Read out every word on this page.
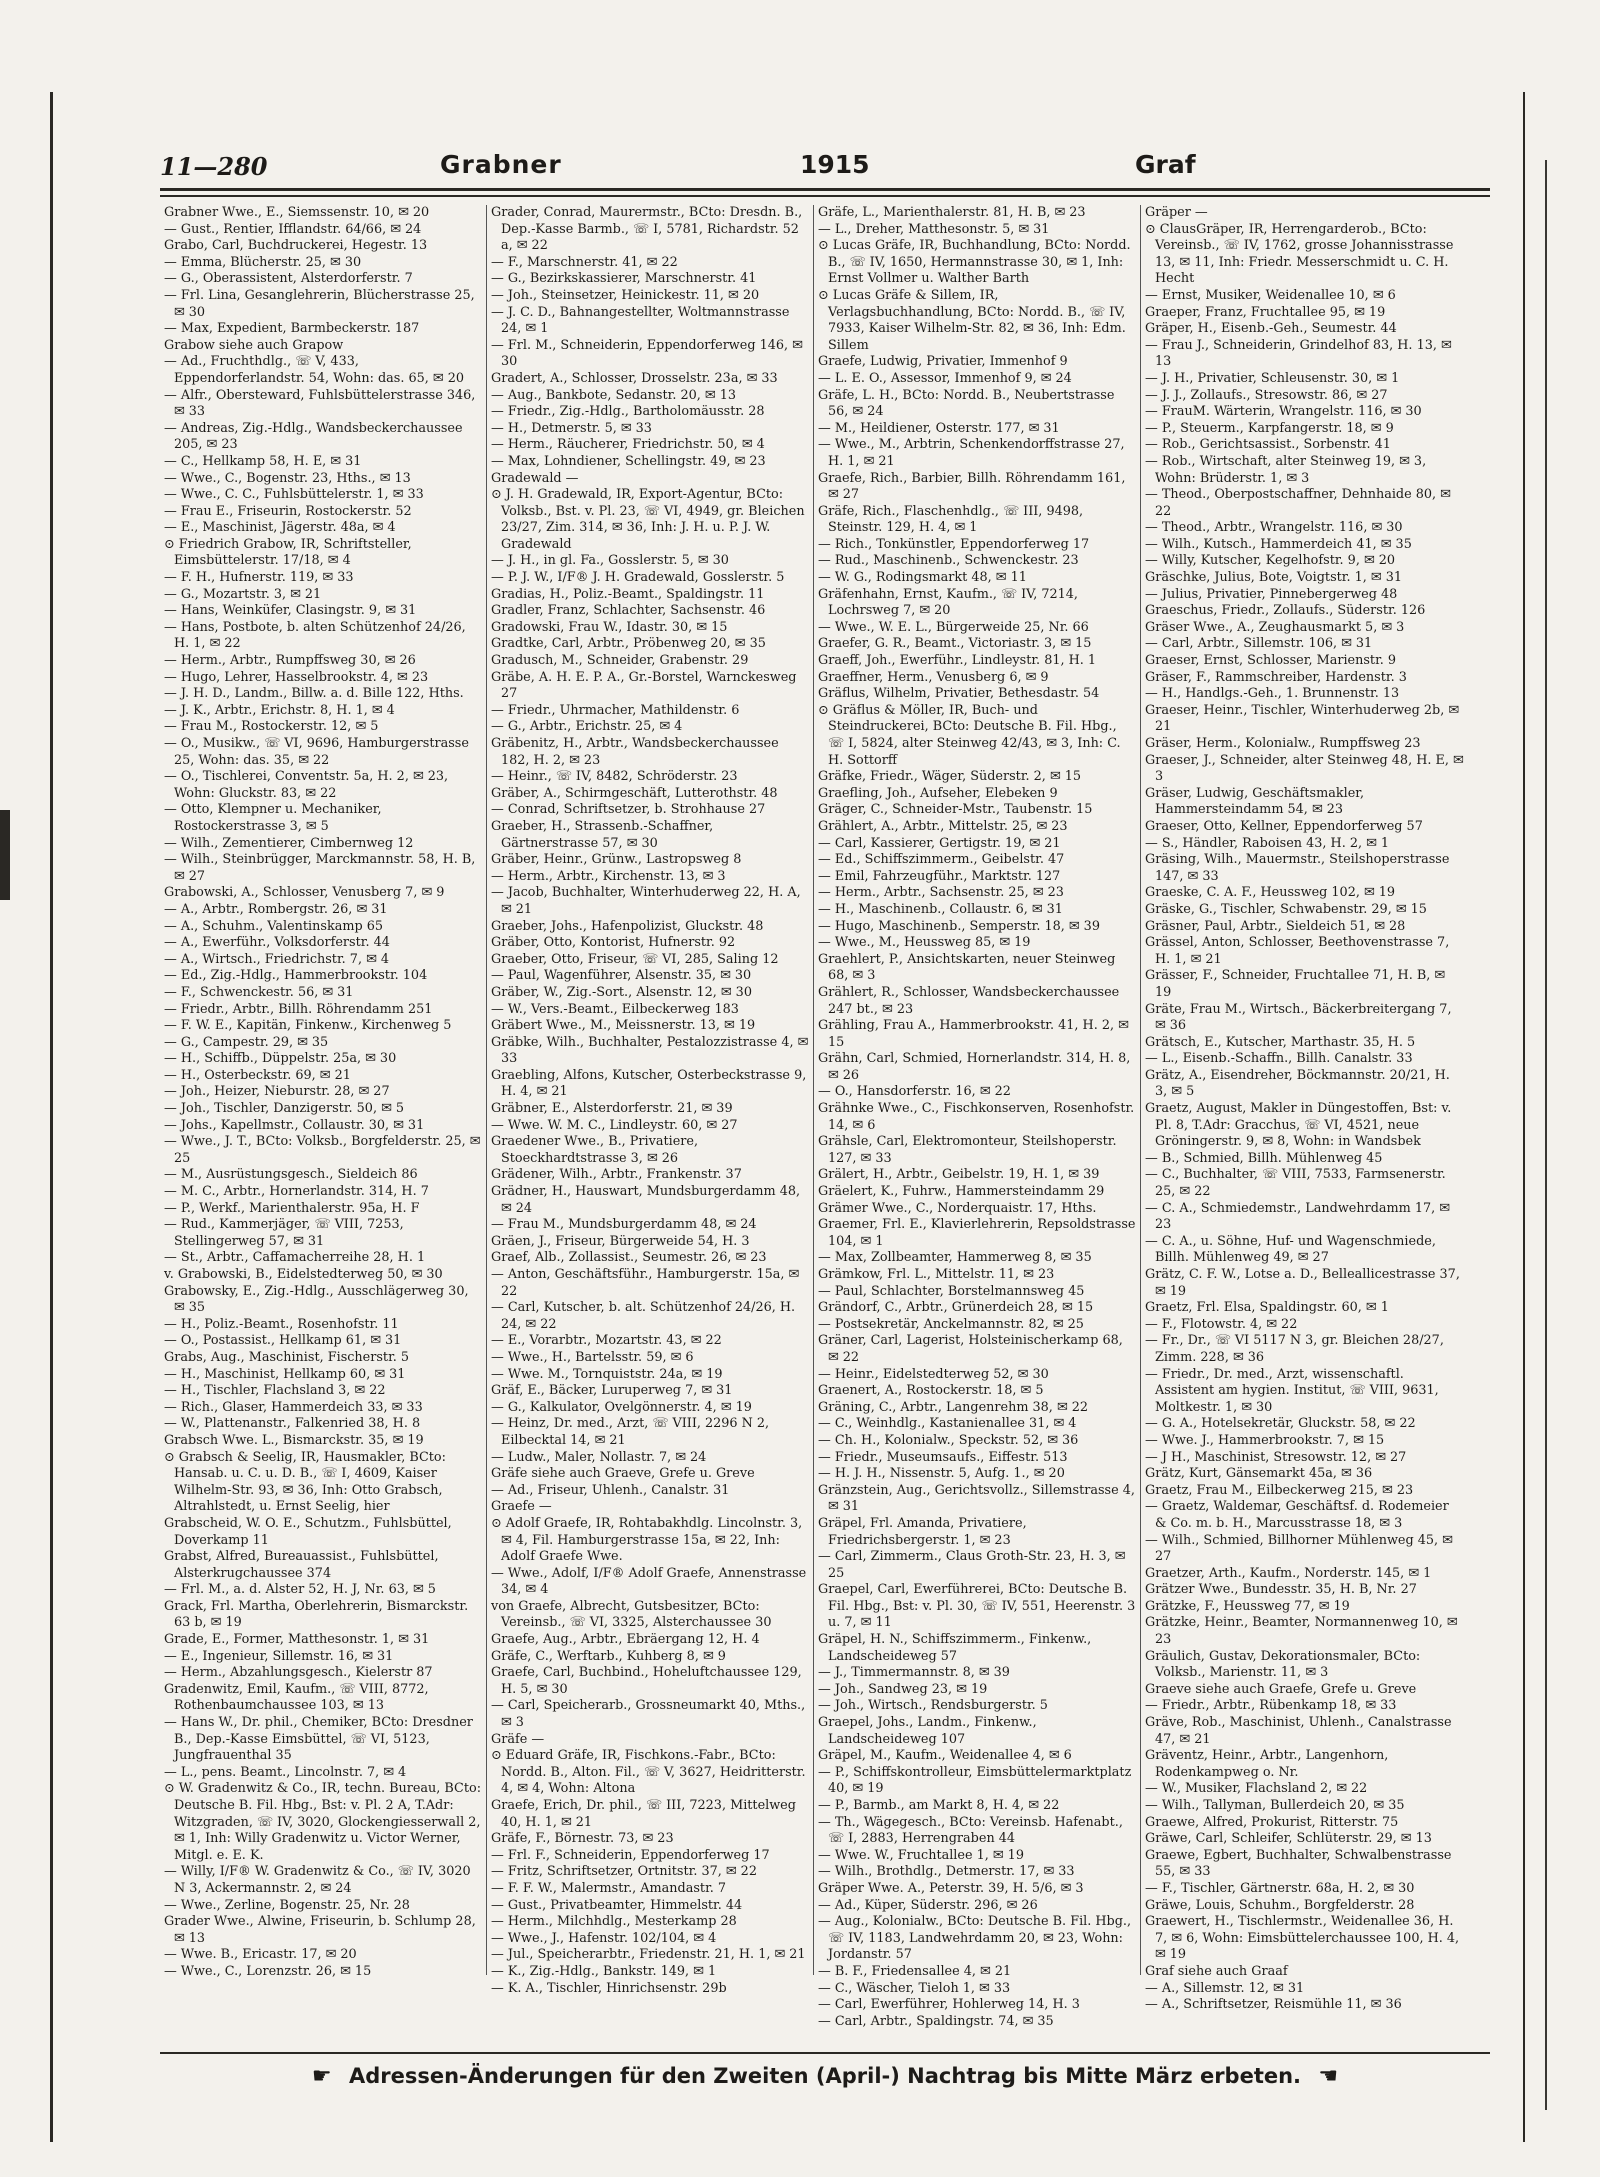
11—280	Grabner	1915	Graf

Grabner Wwe., E., Siemssenstr. 10, ✉ 20

— Gust., Rentier, Ifflandstr. 64/66, ✉ 24

Grabo, Carl, Buchdruckerei, Hegestr. 13

— Emma, Blücherstr. 25, ✉ 30

— G., Oberassistent, Alsterdorferstr. 7

— Frl. Lina, Gesanglehrerin, Blücherstrasse 25, ✉ 30

— Max, Expedient, Barmbeckerstr. 187

Grabow siehe auch Grapow

— Ad., Fruchthdlg., ☏ V, 433, Eppendorferlandstr. 54, Wohn: das. 65, ✉ 20

— Alfr., Obersteward, Fuhlsbüttelerstrasse 346, ✉ 33

— Andreas, Zig.-Hdlg., Wandsbeckerchaussee 205, ✉ 23

— C., Hellkamp 58, H. E, ✉ 31

— Wwe., C., Bogenstr. 23, Hths., ✉ 13

— Wwe., C. C., Fuhlsbüttelerstr. 1, ✉ 33

— Frau E., Friseurin, Rostockerstr. 52

— E., Maschinist, Jägerstr. 48a, ✉ 4

⊙ Friedrich Grabow, IR, Schriftsteller, Eimsbüttelerstr. 17/18, ✉ 4

— F. H., Hufnerstr. 119, ✉ 33

— G., Mozartstr. 3, ✉ 21

— Hans, Weinküfer, Clasingstr. 9, ✉ 31

— Hans, Postbote, b. alten Schützenhof 24/26, H. 1, ✉ 22

— Herm., Arbtr., Rumpffsweg 30, ✉ 26

— Hugo, Lehrer, Hasselbrookstr. 4, ✉ 23

— J. H. D., Landm., Billw. a. d. Bille 122, Hths.

— J. K., Arbtr., Erichstr. 8, H. 1, ✉ 4

— Frau M., Rostockerstr. 12, ✉ 5

— O., Musikw., ☏ VI, 9696, Hamburgerstrasse 25, Wohn: das. 35, ✉ 22

— O., Tischlerei, Conventstr. 5a, H. 2, ✉ 23, Wohn: Gluckstr. 83, ✉ 22

— Otto, Klempner u. Mechaniker, Rostockerstrasse 3, ✉ 5

— Wilh., Zementierer, Cimbernweg 12

— Wilh., Steinbrügger, Marckmannstr. 58, H. B, ✉ 27

Grabowski, A., Schlosser, Venusberg 7, ✉ 9

— A., Arbtr., Rombergstr. 26, ✉ 31

— A., Schuhm., Valentinskamp 65

— A., Ewerführ., Volksdorferstr. 44

— A., Wirtsch., Friedrichstr. 7, ✉ 4

— Ed., Zig.-Hdlg., Hammerbrookstr. 104

— F., Schwenckestr. 56, ✉ 31

— Friedr., Arbtr., Billh. Röhrendamm 251

— F. W. E., Kapitän, Finkenw., Kirchenweg 5

— G., Campestr. 29, ✉ 35

— H., Schiffb., Düppelstr. 25a, ✉ 30

— H., Osterbeckstr. 69, ✉ 21

— Joh., Heizer, Nieburstr. 28, ✉ 27

— Joh., Tischler, Danzigerstr. 50, ✉ 5

— Johs., Kapellmstr., Collaustr. 30, ✉ 31

— Wwe., J. T., BCto: Volksb., Borgfelderstr. 25, ✉ 25

— M., Ausrüstungsgesch., Sieldeich 86

— M. C., Arbtr., Hornerlandstr. 314, H. 7

— P., Werkf., Marienthalerstr. 95a, H. F

— Rud., Kammerjäger, ☏ VIII, 7253, Stellingerweg 57, ✉ 31

— St., Arbtr., Caffamacherreihe 28, H. 1

v. Grabowski, B., Eidelstedterweg 50, ✉ 30

Grabowsky, E., Zig.-Hdlg., Ausschlägerweg 30, ✉ 35

— H., Poliz.-Beamt., Rosenhofstr. 11

— O., Postassist., Hellkamp 61, ✉ 31

Grabs, Aug., Maschinist, Fischerstr. 5

— H., Maschinist, Hellkamp 60, ✉ 31

— H., Tischler, Flachsland 3, ✉ 22

— Rich., Glaser, Hammerdeich 33, ✉ 33

— W., Plattenanstr., Falkenried 38, H. 8

Grabsch Wwe. L., Bismarckstr. 35, ✉ 19

⊙ Grabsch & Seelig, IR, Hausmakler, BCto: Hansab. u. C. u. D. B., ☏ I, 4609, Kaiser Wilhelm-Str. 93, ✉ 36, Inh: Otto Grabsch, Altrahlstedt, u. Ernst Seelig, hier

Grabscheid, W. O. E., Schutzm., Fuhlsbüttel, Doverkamp 11

Grabst, Alfred, Bureauassist., Fuhlsbüttel, Alsterkrugchaussee 374

— Frl. M., a. d. Alster 52, H. J, Nr. 63, ✉ 5

Grack, Frl. Martha, Oberlehrerin, Bismarckstr. 63 b, ✉ 19

Grade, E., Former, Matthesonstr. 1, ✉ 31

— E., Ingenieur, Sillemstr. 16, ✉ 31

— Herm., Abzahlungsgesch., Kielerstr 87

Gradenwitz, Emil, Kaufm., ☏ VIII, 8772, Rothenbaumchaussee 103, ✉ 13

— Hans W., Dr. phil., Chemiker, BCto: Dresdner B., Dep.-Kasse Eimsbüttel, ☏ VI, 5123, Jungfrauenthal 35

— L., pens. Beamt., Lincolnstr. 7, ✉ 4

⊙ W. Gradenwitz & Co., IR, techn. Bureau, BCto: Deutsche B. Fil. Hbg., Bst: v. Pl. 2 A, T.Adr: Witzgraden, ☏ IV, 3020, Glockengiesserwall 2, ✉ 1, Inh: Willy Gradenwitz u. Victor Werner, Mitgl. e. E. K.

— Willy, I/F® W. Gradenwitz & Co., ☏ IV, 3020 N 3, Ackermannstr. 2, ✉ 24

— Wwe., Zerline, Bogenstr. 25, Nr. 28

Grader Wwe., Alwine, Friseurin, b. Schlump 28, ✉ 13

— Wwe. B., Ericastr. 17, ✉ 20

— Wwe., C., Lorenzstr. 26, ✉ 15

Grader, Conrad, Maurermstr., BCto: Dresdn. B., Dep.-Kasse Barmb., ☏ I, 5781, Richardstr. 52 a, ✉ 22

— F., Marschnerstr. 41, ✉ 22

— G., Bezirkskassierer, Marschnerstr. 41

— Joh., Steinsetzer, Heinickestr. 11, ✉ 20

— J. C. D., Bahnangestellter, Woltmannstrasse 24, ✉ 1

— Frl. M., Schneiderin, Eppendorferweg 146, ✉ 30

Gradert, A., Schlosser, Drosselstr. 23a, ✉ 33

— Aug., Bankbote, Sedanstr. 20, ✉ 13

— Friedr., Zig.-Hdlg., Bartholomäusstr. 28

— H., Detmerstr. 5, ✉ 33

— Herm., Räucherer, Friedrichstr. 50, ✉ 4

— Max, Lohndiener, Schellingstr. 49, ✉ 23

Gradewald —

⊙ J. H. Gradewald, IR, Export-Agentur, BCto: Volksb., Bst. v. Pl. 23, ☏ VI, 4949, gr. Bleichen 23/27, Zim. 314, ✉ 36, Inh: J. H. u. P. J. W. Gradewald

— J. H., in gl. Fa., Gosslerstr. 5, ✉ 30

— P. J. W., I/F® J. H. Gradewald, Gosslerstr. 5

Gradias, H., Poliz.-Beamt., Spaldingstr. 11

Gradler, Franz, Schlachter, Sachsenstr. 46

Gradowski, Frau W., Idastr. 30, ✉ 15

Gradtke, Carl, Arbtr., Pröbenweg 20, ✉ 35

Gradusch, M., Schneider, Grabenstr. 29

Gräbe, A. H. E. P. A., Gr.-Borstel, Warnckesweg 27

— Friedr., Uhrmacher, Mathildenstr. 6

— G., Arbtr., Erichstr. 25, ✉ 4

Gräbenitz, H., Arbtr., Wandsbeckerchaussee 182, H. 2, ✉ 23

— Heinr., ☏ IV, 8482, Schröderstr. 23

Gräber, A., Schirmgeschäft, Lutterothstr. 48

— Conrad, Schriftsetzer, b. Strohhause 27

Graeber, H., Strassenb.-Schaffner, Gärtnerstrasse 57, ✉ 30

Gräber, Heinr., Grünw., Lastropsweg 8

— Herm., Arbtr., Kirchenstr. 13, ✉ 3

— Jacob, Buchhalter, Winterhuderweg 22, H. A, ✉ 21

Graeber, Johs., Hafenpolizist, Gluckstr. 48

Gräber, Otto, Kontorist, Hufnerstr. 92

Graeber, Otto, Friseur, ☏ VI, 285, Saling 12

— Paul, Wagenführer, Alsenstr. 35, ✉ 30

Gräber, W., Zig.-Sort., Alsenstr. 12, ✉ 30

— W., Vers.-Beamt., Eilbeckerweg 183

Gräbert Wwe., M., Meissnerstr. 13, ✉ 19

Gräbke, Wilh., Buchhalter, Pestalozzistrasse 4, ✉ 33

Graebling, Alfons, Kutscher, Osterbeckstrasse 9, H. 4, ✉ 21

Gräbner, E., Alsterdorferstr. 21, ✉ 39

— Wwe. W. M. C., Lindleystr. 60, ✉ 27

Graedener Wwe., B., Privatiere, Stoeckhardtstrasse 3, ✉ 26

Grädener, Wilh., Arbtr., Frankenstr. 37

Grädner, H., Hauswart, Mundsburgerdamm 48, ✉ 24

— Frau M., Mundsburgerdamm 48, ✉ 24

Gräen, J., Friseur, Bürgerweide 54, H. 3

Graef, Alb., Zollassist., Seumestr. 26, ✉ 23

— Anton, Geschäftsführ., Hamburgerstr. 15a, ✉ 22

— Carl, Kutscher, b. alt. Schützenhof 24/26, H. 24, ✉ 22

— E., Vorarbtr., Mozartstr. 43, ✉ 22

— Wwe., H., Bartelsstr. 59, ✉ 6

— Wwe. M., Tornquiststr. 24a, ✉ 19

Gräf, E., Bäcker, Luruperweg 7, ✉ 31

— G., Kalkulator, Ovelgönnerstr. 4, ✉ 19

— Heinz, Dr. med., Arzt, ☏ VIII, 2296 N 2, Eilbecktal 14, ✉ 21

— Ludw., Maler, Nollastr. 7, ✉ 24

Gräfe siehe auch Graeve, Grefe u. Greve

— Ad., Friseur, Uhlenh., Canalstr. 31

Graefe —

⊙ Adolf Graefe, IR, Rohtabakhdlg. Lincolnstr. 3, ✉ 4, Fil. Hamburgerstrasse 15a, ✉ 22, Inh: Adolf Graefe Wwe.

— Wwe., Adolf, I/F® Adolf Graefe, Annenstrasse 34, ✉ 4

von Graefe, Albrecht, Gutsbesitzer, BCto: Vereinsb., ☏ VI, 3325, Alsterchaussee 30

Graefe, Aug., Arbtr., Ebräergang 12, H. 4

Gräfe, C., Werftarb., Kuhberg 8, ✉ 9

Graefe, Carl, Buchbind., Hoheluftchaussee 129, H. 5, ✉ 30

— Carl, Speicherarb., Grossneumarkt 40, Mths., ✉ 3

Gräfe —

⊙ Eduard Gräfe, IR, Fischkons.-Fabr., BCto: Nordd. B., Alton. Fil., ☏ V, 3627, Heidritterstr. 4, ✉ 4, Wohn: Altona

Graefe, Erich, Dr. phil., ☏ III, 7223, Mittelweg 40, H. 1, ✉ 21

Gräfe, F., Börnestr. 73, ✉ 23

— Frl. F., Schneiderin, Eppendorferweg 17

— Fritz, Schriftsetzer, Ortnitstr. 37, ✉ 22

— F. F. W., Malermstr., Amandastr. 7

— Gust., Privatbeamter, Himmelstr. 44

— Herm., Milchhdlg., Mesterkamp 28

— Wwe., J., Hafenstr. 102/104, ✉ 4

— Jul., Speicherarbtr., Friedenstr. 21, H. 1, ✉ 21

— K., Zig.-Hdlg., Bankstr. 149, ✉ 1

— K. A., Tischler, Hinrichsenstr. 29b

Gräfe, L., Marienthalerstr. 81, H. B, ✉ 23

— L., Dreher, Matthesonstr. 5, ✉ 31

⊙ Lucas Gräfe, IR, Buchhandlung, BCto: Nordd. B., ☏ IV, 1650, Hermannstrasse 30, ✉ 1, Inh: Ernst Vollmer u. Walther Barth

⊙ Lucas Gräfe & Sillem, IR, Verlagsbuchhandlung, BCto: Nordd. B., ☏ IV, 7933, Kaiser Wilhelm-Str. 82, ✉ 36, Inh: Edm. Sillem

Graefe, Ludwig, Privatier, Immenhof 9

— L. E. O., Assessor, Immenhof 9, ✉ 24

Gräfe, L. H., BCto: Nordd. B., Neubertstrasse 56, ✉ 24

— M., Heildiener, Osterstr. 177, ✉ 31

— Wwe., M., Arbtrin, Schenkendorffstrasse 27, H. 1, ✉ 21

Graefe, Rich., Barbier, Billh. Röhrendamm 161, ✉ 27

Gräfe, Rich., Flaschenhdlg., ☏ III, 9498, Steinstr. 129, H. 4, ✉ 1

— Rich., Tonkünstler, Eppendorferweg 17

— Rud., Maschinenb., Schwenckestr. 23

— W. G., Rodingsmarkt 48, ✉ 11

Gräfenhahn, Ernst, Kaufm., ☏ IV, 7214, Lochrsweg 7, ✉ 20

— Wwe., W. E. L., Bürgerweide 25, Nr. 66

Graefer, G. R., Beamt., Victoriastr. 3, ✉ 15

Graeff, Joh., Ewerführ., Lindleystr. 81, H. 1

Graeffner, Herm., Venusberg 6, ✉ 9

Gräflus, Wilhelm, Privatier, Bethesdastr. 54

⊙ Gräflus & Möller, IR, Buch- und Steindruckerei, BCto: Deutsche B. Fil. Hbg., ☏ I, 5824, alter Steinweg 42/43, ✉ 3, Inh: C. H. Sottorff

Gräfke, Friedr., Wäger, Süderstr. 2, ✉ 15

Graefling, Joh., Aufseher, Elebeken 9

Gräger, C., Schneider-Mstr., Taubenstr. 15

Grählert, A., Arbtr., Mittelstr. 25, ✉ 23

— Carl, Kassierer, Gertigstr. 19, ✉ 21

— Ed., Schiffszimmerm., Geibelstr. 47

— Emil, Fahrzeugführ., Marktstr. 127

— Herm., Arbtr., Sachsenstr. 25, ✉ 23

— H., Maschinenb., Collaustr. 6, ✉ 31

— Hugo, Maschinenb., Semperstr. 18, ✉ 39

— Wwe., M., Heussweg 85, ✉ 19

Graehlert, P., Ansichtskarten, neuer Steinweg 68, ✉ 3

Grählert, R., Schlosser, Wandsbeckerchaussee 247 bt., ✉ 23

Grähling, Frau A., Hammerbrookstr. 41, H. 2, ✉ 15

Grähn, Carl, Schmied, Hornerlandstr. 314, H. 8, ✉ 26

— O., Hansdorferstr. 16, ✉ 22

Grähnke Wwe., C., Fischkonserven, Rosenhofstr. 14, ✉ 6

Grähsle, Carl, Elektromonteur, Steilshoperstr. 127, ✉ 33

Grälert, H., Arbtr., Geibelstr. 19, H. 1, ✉ 39

Gräelert, K., Fuhrw., Hammersteindamm 29

Grämer Wwe., C., Norderquaistr. 17, Hths.

Graemer, Frl. E., Klavierlehrerin, Repsoldstrasse 104, ✉ 1

— Max, Zollbeamter, Hammerweg 8, ✉ 35

Grämkow, Frl. L., Mittelstr. 11, ✉ 23

— Paul, Schlachter, Borstelmannsweg 45

Grändorf, C., Arbtr., Grünerdeich 28, ✉ 15

— Postsekretär, Anckelmannstr. 82, ✉ 25

Gräner, Carl, Lagerist, Holsteinischerkamp 68, ✉ 22

— Heinr., Eidelstedterweg 52, ✉ 30

Graenert, A., Rostockerstr. 18, ✉ 5

Gräning, C., Arbtr., Langenrehm 38, ✉ 22

— C., Weinhdlg., Kastanienallee 31, ✉ 4

— Ch. H., Kolonialw., Speckstr. 52, ✉ 36

— Friedr., Museumsaufs., Eiffestr. 513

— H. J. H., Nissenstr. 5, Aufg. 1., ✉ 20

Gränzstein, Aug., Gerichtsvollz., Sillemstrasse 4, ✉ 31

Gräpel, Frl. Amanda, Privatiere, Friedrichsbergerstr. 1, ✉ 23

— Carl, Zimmerm., Claus Groth-Str. 23, H. 3, ✉ 25

Graepel, Carl, Ewerführerei, BCto: Deutsche B. Fil. Hbg., Bst: v. Pl. 30, ☏ IV, 551, Heerenstr. 3 u. 7, ✉ 11

Gräpel, H. N., Schiffszimmerm., Finkenw., Landscheideweg 57

— J., Timmermannstr. 8, ✉ 39

— Joh., Sandweg 23, ✉ 19

— Joh., Wirtsch., Rendsburgerstr. 5

Graepel, Johs., Landm., Finkenw., Landscheideweg 107

Gräpel, M., Kaufm., Weidenallee 4, ✉ 6

— P., Schiffskontrolleur, Eimsbüttelermarktplatz 40, ✉ 19

— P., Barmb., am Markt 8, H. 4, ✉ 22

— Th., Wägegesch., BCto: Vereinsb. Hafenabt., ☏ I, 2883, Herrengraben 44

— Wwe. W., Fruchtallee 1, ✉ 19

— Wilh., Brothdlg., Detmerstr. 17, ✉ 33

Gräper Wwe. A., Peterstr. 39, H. 5/6, ✉ 3

— Ad., Küper, Süderstr. 296, ✉ 26

— Aug., Kolonialw., BCto: Deutsche B. Fil. Hbg., ☏ IV, 1183, Landwehrdamm 20, ✉ 23, Wohn: Jordanstr. 57

— B. F., Friedensallee 4, ✉ 21

— C., Wäscher, Tieloh 1, ✉ 33

— Carl, Ewerführer, Hohlerweg 14, H. 3

— Carl, Arbtr., Spaldingstr. 74, ✉ 35

Gräper —

⊙ ClausGräper, IR, Herrengarderob., BCto: Vereinsb., ☏ IV, 1762, grosse Johannisstrasse 13, ✉ 11, Inh: Friedr. Messerschmidt u. C. H. Hecht

— Ernst, Musiker, Weidenallee 10, ✉ 6

Graeper, Franz, Fruchtallee 95, ✉ 19

Gräper, H., Eisenb.-Geh., Seumestr. 44

— Frau J., Schneiderin, Grindelhof 83, H. 13, ✉ 13

— J. H., Privatier, Schleusenstr. 30, ✉ 1

— J. J., Zollaufs., Stresowstr. 86, ✉ 27

— FrauM. Wärterin, Wrangelstr. 116, ✉ 30

— P., Steuerm., Karpfangerstr. 18, ✉ 9

— Rob., Gerichtsassist., Sorbenstr. 41

— Rob., Wirtschaft, alter Steinweg 19, ✉ 3, Wohn: Brüderstr. 1, ✉ 3

— Theod., Oberpostschaffner, Dehnhaide 80, ✉ 22

— Theod., Arbtr., Wrangelstr. 116, ✉ 30

— Wilh., Kutsch., Hammerdeich 41, ✉ 35

— Willy, Kutscher, Kegelhofstr. 9, ✉ 20

Gräschke, Julius, Bote, Voigtstr. 1, ✉ 31

— Julius, Privatier, Pinnebergerweg 48

Graeschus, Friedr., Zollaufs., Süderstr. 126

Gräser Wwe., A., Zeughausmarkt 5, ✉ 3

— Carl, Arbtr., Sillemstr. 106, ✉ 31

Graeser, Ernst, Schlosser, Marienstr. 9

Gräser, F., Rammschreiber, Hardenstr. 3

— H., Handlgs.-Geh., 1. Brunnenstr. 13

Graeser, Heinr., Tischler, Winterhuderweg 2b, ✉ 21

Gräser, Herm., Kolonialw., Rumpffsweg 23

Graeser, J., Schneider, alter Steinweg 48, H. E, ✉ 3

Gräser, Ludwig, Geschäftsmakler, Hammersteindamm 54, ✉ 23

Graeser, Otto, Kellner, Eppendorferweg 57

— S., Händler, Raboisen 43, H. 2, ✉ 1

Gräsing, Wilh., Mauermstr., Steilshoperstrasse 147, ✉ 33

Graeske, C. A. F., Heussweg 102, ✉ 19

Gräske, G., Tischler, Schwabenstr. 29, ✉ 15

Gräsner, Paul, Arbtr., Sieldeich 51, ✉ 28

Grässel, Anton, Schlosser, Beethovenstrasse 7, H. 1, ✉ 21

Grässer, F., Schneider, Fruchtallee 71, H. B, ✉ 19

Gräte, Frau M., Wirtsch., Bäckerbreitergang 7, ✉ 36

Grätsch, E., Kutscher, Marthastr. 35, H. 5

— L., Eisenb.-Schaffn., Billh. Canalstr. 33

Grätz, A., Eisendreher, Böckmannstr. 20/21, H. 3, ✉ 5

Graetz, August, Makler in Düngestoffen, Bst: v. Pl. 8, T.Adr: Gracchus, ☏ VI, 4521, neue Gröningerstr. 9, ✉ 8, Wohn: in Wandsbek

— B., Schmied, Billh. Mühlenweg 45

— C., Buchhalter, ☏ VIII, 7533, Farmsenerstr. 25, ✉ 22

— C. A., Schmiedemstr., Landwehrdamm 17, ✉ 23

— C. A., u. Söhne, Huf- und Wagenschmiede, Billh. Mühlenweg 49, ✉ 27

Grätz, C. F. W., Lotse a. D., Belleallicestrasse 37, ✉ 19

Graetz, Frl. Elsa, Spaldingstr. 60, ✉ 1

— F., Flotowstr. 4, ✉ 22

— Fr., Dr., ☏ VI 5117 N 3, gr. Bleichen 28/27, Zimm. 228, ✉ 36

— Friedr., Dr. med., Arzt, wissenschaftl. Assistent am hygien. Institut, ☏ VIII, 9631, Moltkestr. 1, ✉ 30

— G. A., Hotelsekretär, Gluckstr. 58, ✉ 22

— Wwe. J., Hammerbrookstr. 7, ✉ 15

— J H., Maschinist, Stresowstr. 12, ✉ 27

Grätz, Kurt, Gänsemarkt 45a, ✉ 36

Graetz, Frau M., Eilbeckerweg 215, ✉ 23

— Graetz, Waldemar, Geschäftsf. d. Rodemeier & Co. m. b. H., Marcusstrasse 18, ✉ 3

— Wilh., Schmied, Billhorner Mühlenweg 45, ✉ 27

Graetzer, Arth., Kaufm., Norderstr. 145, ✉ 1

Grätzer Wwe., Bundesstr. 35, H. B, Nr. 27

Grätzke, F., Heussweg 77, ✉ 19

Grätzke, Heinr., Beamter, Normannenweg 10, ✉ 23

Gräulich, Gustav, Dekorationsmaler, BCto: Volksb., Marienstr. 11, ✉ 3

Graeve siehe auch Graefe, Grefe u. Greve

— Friedr., Arbtr., Rübenkamp 18, ✉ 33

Gräve, Rob., Maschinist, Uhlenh., Canalstrasse 47, ✉ 21

Gräventz, Heinr., Arbtr., Langenhorn, Rodenkampweg o. Nr.

— W., Musiker, Flachsland 2, ✉ 22

— Wilh., Tallyman, Bullerdeich 20, ✉ 35

Graewe, Alfred, Prokurist, Ritterstr. 75

Gräwe, Carl, Schleifer, Schlüterstr. 29, ✉ 13

Graewe, Egbert, Buchhalter, Schwalbenstrasse 55, ✉ 33

— F., Tischler, Gärtnerstr. 68a, H. 2, ✉ 30

Gräwe, Louis, Schuhm., Borgfelderstr. 28

Graewert, H., Tischlermstr., Weidenallee 36, H. 7, ✉ 6, Wohn: Eimsbüttelerchaussee 100, H. 4, ✉ 19

Graf siehe auch Graaf

— A., Sillemstr. 12, ✉ 31

— A., Schriftsetzer, Reismühle 11, ✉ 36

☛ Adressen-Änderungen für den Zweiten (April-) Nachtrag bis Mitte März erbeten. ☚
